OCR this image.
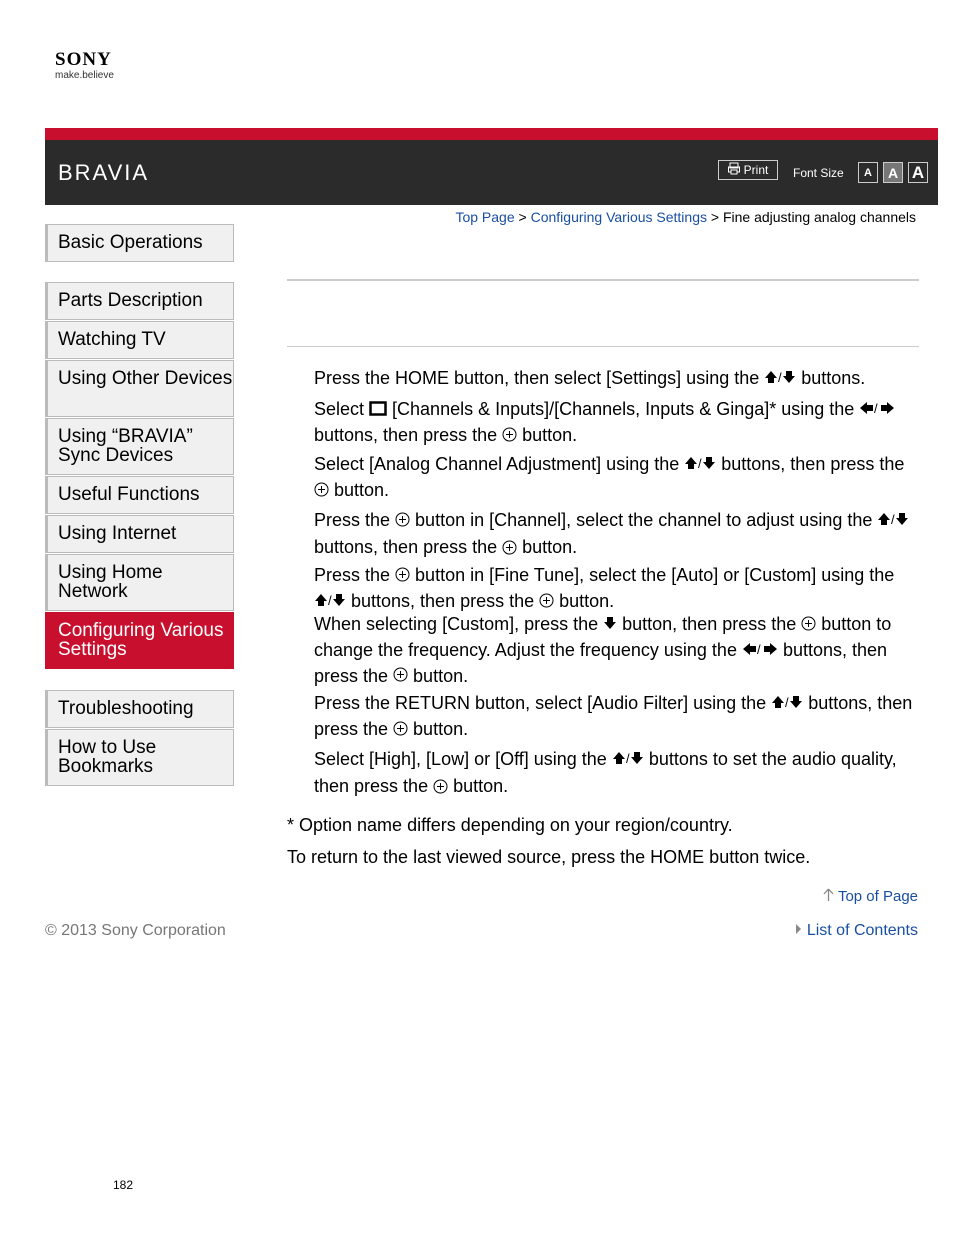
SONY
make.believe
BRAVIA	Print Font Size	A	A A
Top Page > Configuring Various Settings > Fine adjusting analog channels
Basic Operations
Parts Description
Watching TV
Using Other Devices
Using “BRAVIA” Sync Devices
Useful Functions
Using Internet
Using Home Network
Configuring Various Settings
Troubleshooting
How to Use Bookmarks
Press the HOME button, then select [Settings] using the / buttons.
Select  [Channels & Inputs]/[Channels, Inputs & Ginga]* using the /
buttons, then press the  button.
Select [Analog Channel Adjustment] using the / buttons, then press the  button.
Press the  button in [Channel], select the channel to adjust using the /
buttons, then press the  button.
Press the  button in [Fine Tune], select the [Auto] or [Custom] using the
/ buttons, then press the  button.
When selecting [Custom], press the  button, then press the  button to change the frequency. Adjust the frequency using the / buttons, then press the  button.
Press the RETURN button, select [Audio Filter] using the / buttons, then press the  button.
Select [High], [Low] or [Off] using the / buttons to set the audio quality, then press the  button.
* Option name differs depending on your region/country.
To return to the last viewed source, press the HOME button twice.
Top of Page
List of Contents
© 2013 Sony Corporation
182
